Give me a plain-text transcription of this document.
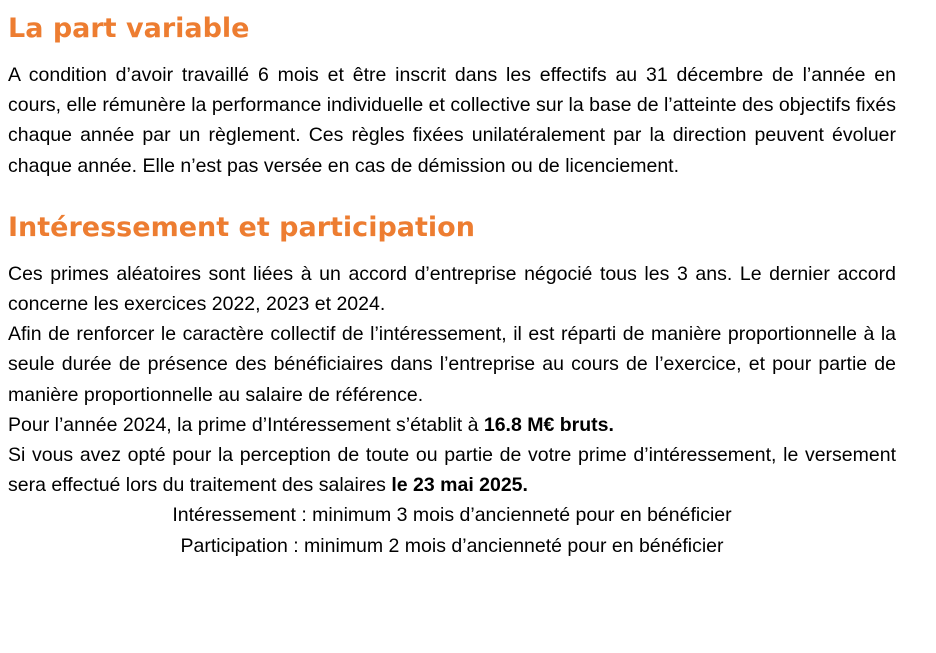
La part variable

A condition d’avoir travaillé 6 mois et être inscrit dans les effectifs au 31 décembre de l’année en cours, elle rémunère la performance individuelle et collective sur la base de l’atteinte des objectifs fixés chaque année par un règlement. Ces règles fixées unilatéralement par la direction peuvent évoluer chaque année. Elle n’est pas versée en cas de démission ou de licenciement.

Intéressement et participation

Ces primes aléatoires sont liées à un accord d’entreprise négocié tous les 3 ans. Le dernier accord concerne les exercices 2022, 2023 et 2024.

Afin de renforcer le caractère collectif de l’intéressement, il est réparti de manière proportionnelle à la seule durée de présence des bénéficiaires dans l’entreprise au cours de l’exercice, et pour partie de manière proportionnelle au salaire de référence.

Pour l’année 2024, la prime d’Intéressement s’établit à 16.8 M€ bruts.

Si vous avez opté pour la perception de toute ou partie de votre prime d’intéressement, le versement sera effectué lors du traitement des salaires le 23 mai 2025.

Intéressement : minimum 3 mois d’ancienneté pour en bénéficier

Participation : minimum 2 mois d’ancienneté pour en bénéficier
